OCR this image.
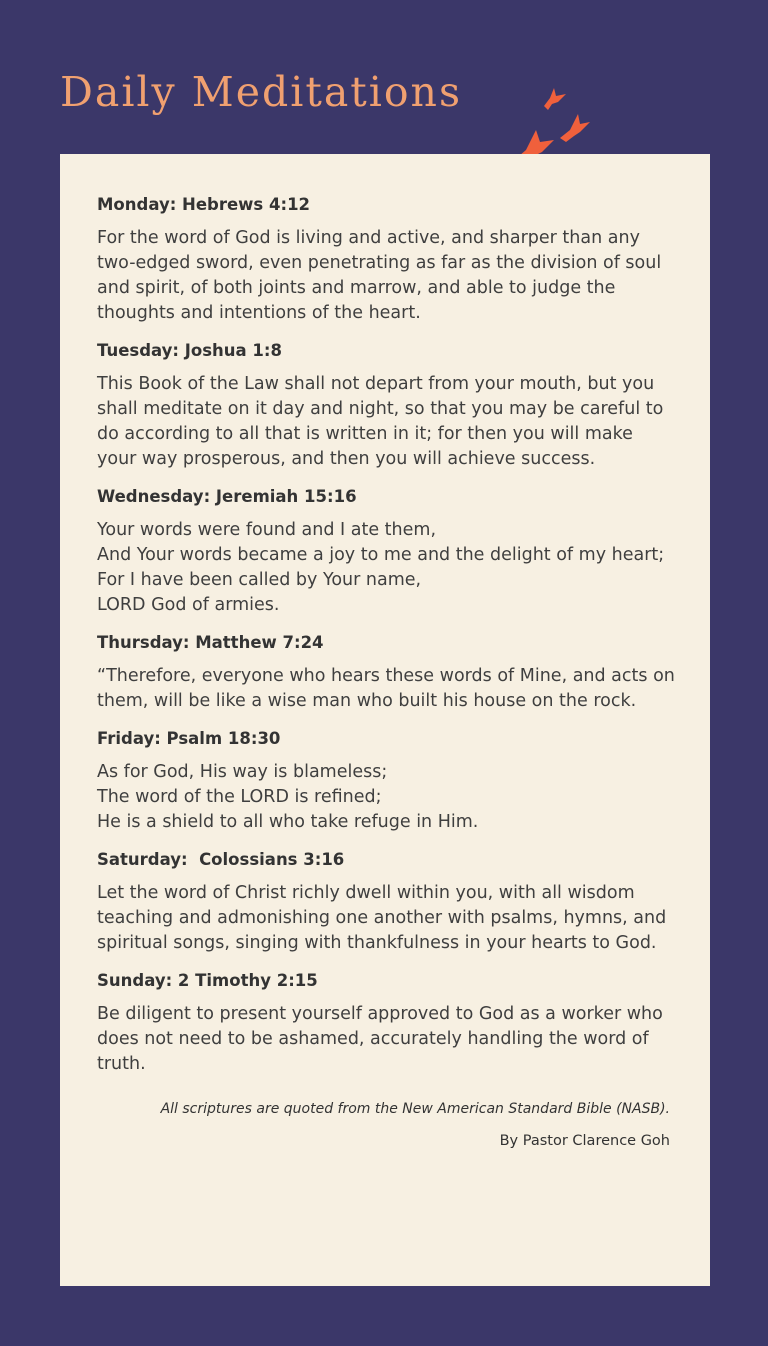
Daily Meditations

Monday: Hebrews 4:12

For the word of God is living and active, and sharper than any two-edged sword, even penetrating as far as the division of soul and spirit, of both joints and marrow, and able to judge the thoughts and intentions of the heart.

Tuesday: Joshua 1:8

This Book of the Law shall not depart from your mouth, but you shall meditate on it day and night, so that you may be careful to do according to all that is written in it; for then you will make your way prosperous, and then you will achieve success.

Wednesday: Jeremiah 15:16

Your words were found and I ate them,
And Your words became a joy to me and the delight of my heart;
For I have been called by Your name,
LORD God of armies.

Thursday: Matthew 7:24

“Therefore, everyone who hears these words of Mine, and acts on them, will be like a wise man who built his house on the rock.

Friday: Psalm 18:30

As for God, His way is blameless;
The word of the LORD is refined;
He is a shield to all who take refuge in Him.

Saturday:  Colossians 3:16

Let the word of Christ richly dwell within you, with all wisdom teaching and admonishing one another with psalms, hymns, and spiritual songs, singing with thankfulness in your hearts to God.

Sunday: 2 Timothy 2:15

Be diligent to present yourself approved to God as a worker who does not need to be ashamed, accurately handling the word of truth.

All scriptures are quoted from the New American Standard Bible (NASB).

By Pastor Clarence Goh
